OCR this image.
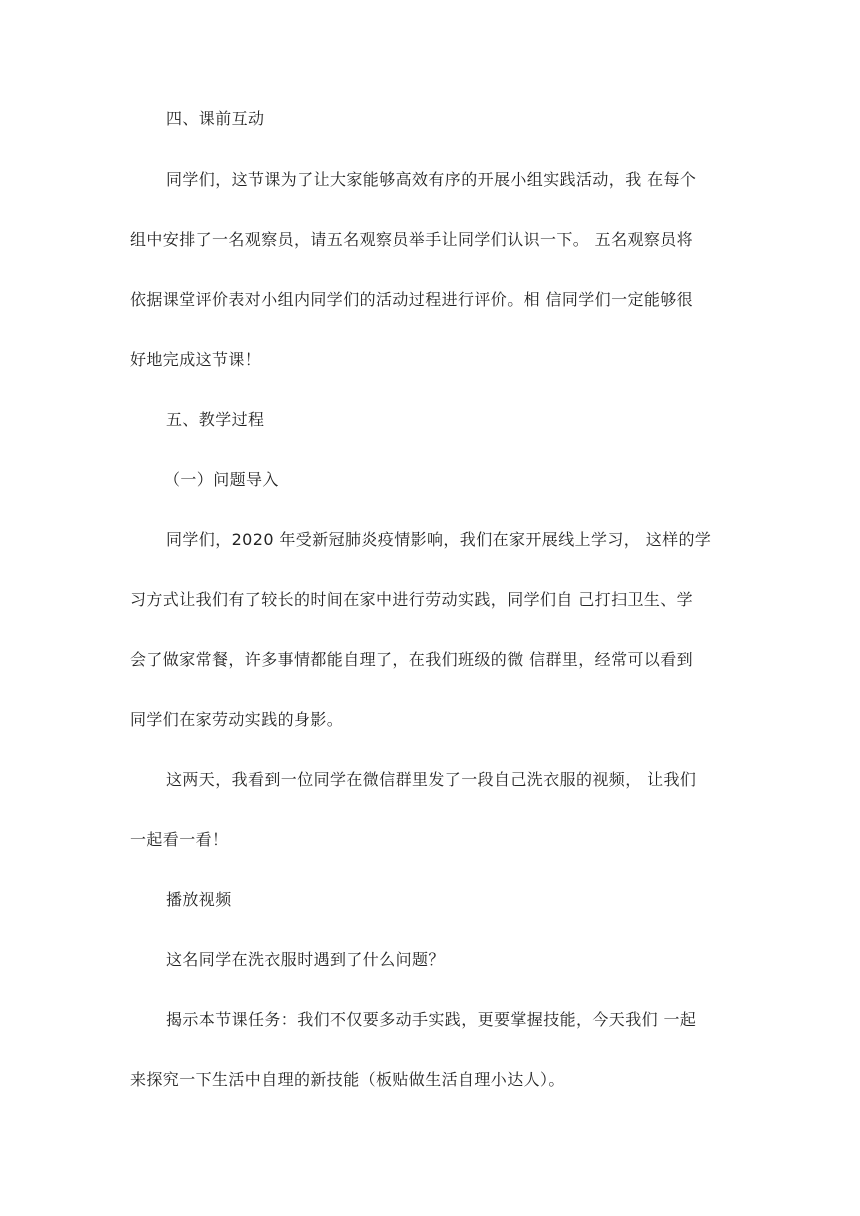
四、课前互动
同学们，这节课为了让大家能够高效有序的开展小组实践活动，我 在每个
组中安排了一名观察员，请五名观察员举手让同学们认识一下。 五名观察员将
依据课堂评价表对小组内同学们的活动过程进行评价。相 信同学们一定能够很
好地完成这节课！
五、教学过程
（一）问题导入
同学们，2020 年受新冠肺炎疫情影响，我们在家开展线上学习， 这样的学
习方式让我们有了较长的时间在家中进行劳动实践，同学们自 己打扫卫生、学
会了做家常餐，许多事情都能自理了，在我们班级的微 信群里，经常可以看到
同学们在家劳动实践的身影。
这两天，我看到一位同学在微信群里发了一段自己洗衣服的视频， 让我们
一起看一看！
播放视频
这名同学在洗衣服时遇到了什么问题？
揭示本节课任务：我们不仅要多动手实践，更要掌握技能，今天我们 一起
来探究一下生活中自理的新技能（板贴做生活自理小达人）。
